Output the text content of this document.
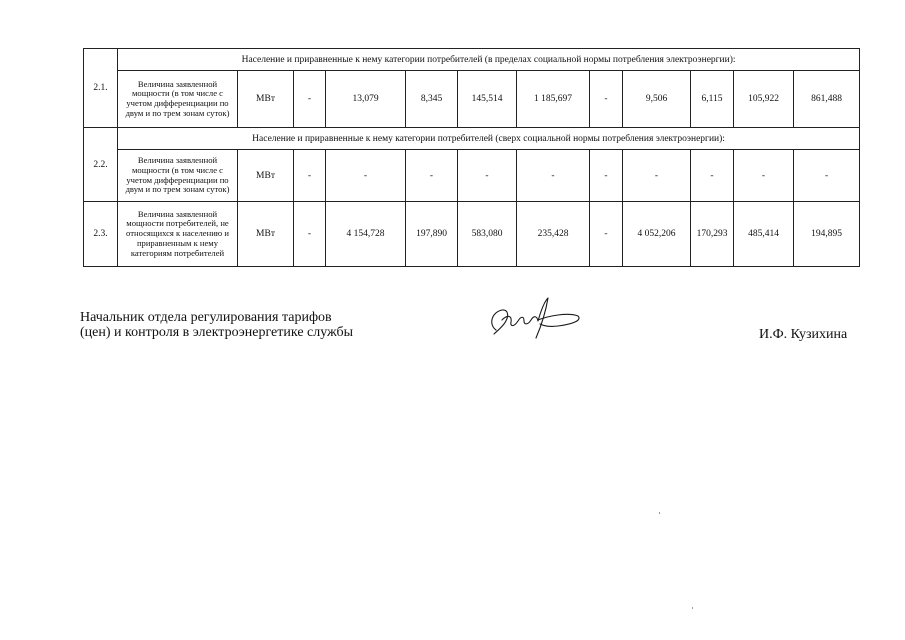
2.1.	Население и приравненные к нему категории потребителей (в пределах социальной нормы потребления электроэнергии):											
	Величина заявленной мощности (в том числе с учетом дифференциации по двум и по трем зонам суток)	МВт	-	13,079	8,345	145,514	1 185,697	-	9,506	6,115	105,922	861,488
2.2.	Население и приравненные к нему категории потребителей (сверх социальной нормы потребления электроэнергии):											
	Величина заявленной мощности (в том числе с учетом дифференциации по двум и по трем зонам суток)	МВт	-	-	-	-	-	-	-	-	-	-
2.3.	Величина заявленной мощности потребителей, не относящихся к населению и приравненным к нему категориям потребителей	МВт	-	4 154,728	197,890	583,080	235,428	-	4 052,206	170,293	485,414	194,895
Начальник отдела регулирования тарифов
(цен) и контроля в электроэнергетике службы	И.Ф. Кузихина
